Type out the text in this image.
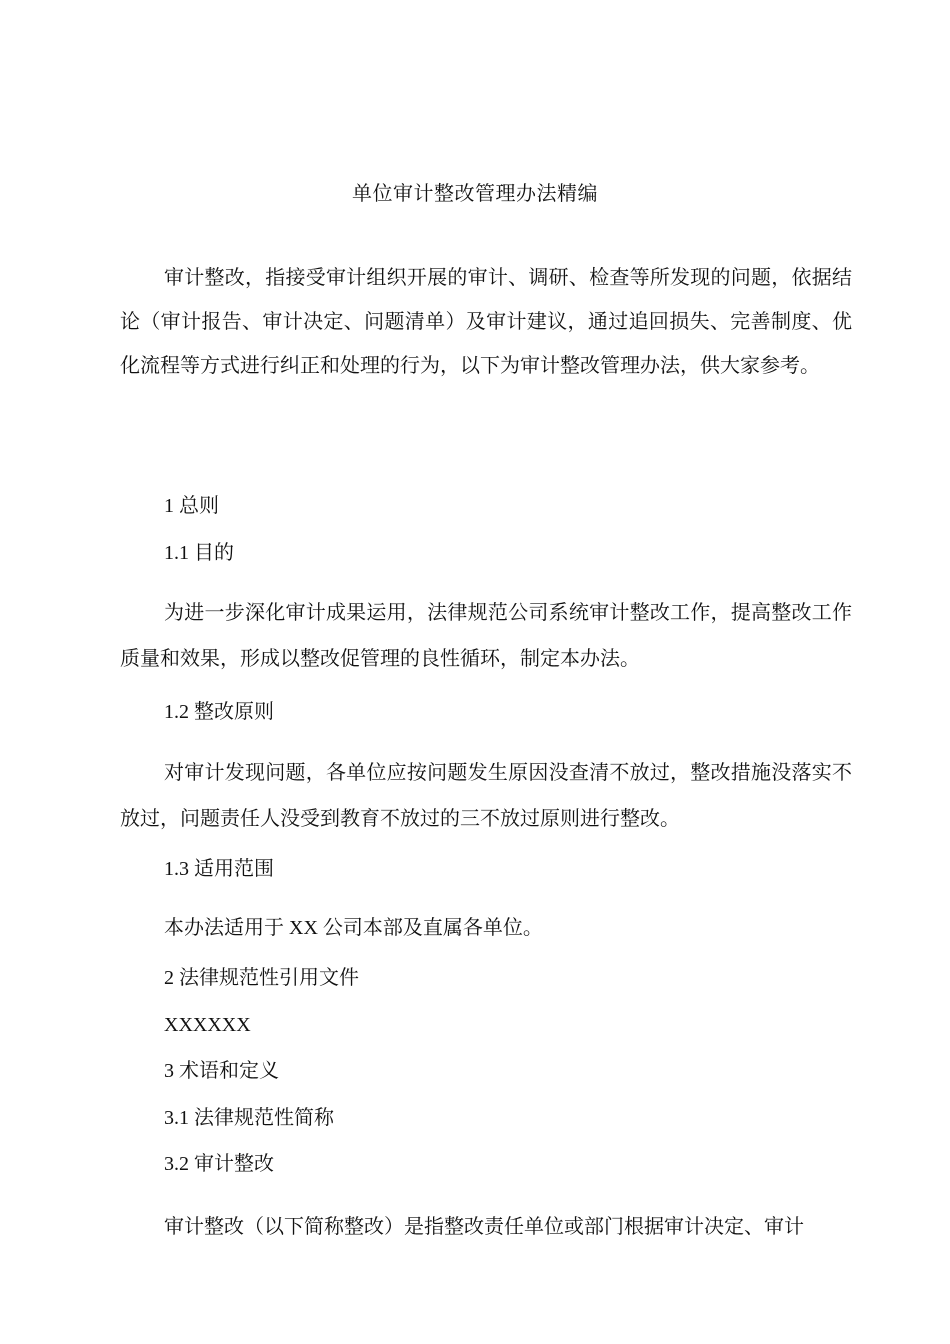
单位审计整改管理办法精编

审计整改，指接受审计组织开展的审计、调研、检查等所发现的问题，依据结论（审计报告、审计决定、问题清单）及审计建议，通过追回损失、完善制度、优化流程等方式进行纠正和处理的行为，以下为审计整改管理办法，供大家参考。

1 总则

1.1 目的

为进一步深化审计成果运用，法律规范公司系统审计整改工作，提高整改工作质量和效果，形成以整改促管理的良性循环，制定本办法。

1.2 整改原则

对审计发现问题，各单位应按问题发生原因没查清不放过，整改措施没落实不放过，问题责任人没受到教育不放过的三不放过原则进行整改。

1.3 适用范围

本办法适用于 XX 公司本部及直属各单位。

2 法律规范性引用文件

XXXXXX

3 术语和定义

3.1 法律规范性简称

3.2 审计整改

审计整改（以下简称整改）是指整改责任单位或部门根据审计决定、审计
